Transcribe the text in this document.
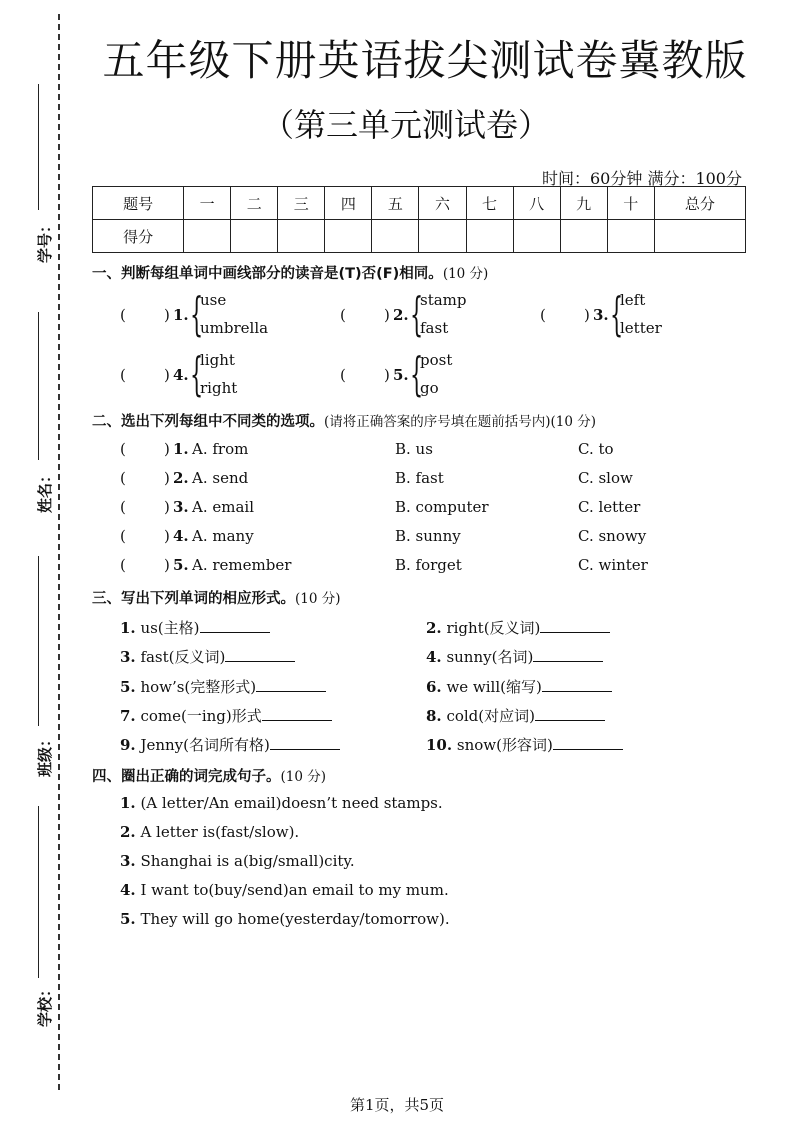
学号：
姓名：
班级：
学校：
五年级下册英语拔尖测试卷冀教版
（第三单元测试卷）
时间：60分钟 满分：100分
题号	一	二	三	四	五	六	七	八	九	十	总分
得分											
一、判断每组单词中画线部分的读音是(T)否(F)相同。(10 分)
(	) 1. {
use
umbrella
(	) 2. {
stamp
fast
(	) 3. {
left
letter
(	) 4. {
light
right
(	) 5. {
post
go
二、选出下列每组中不同类的选项。(请将正确答案的序号填在题前括号内)(10 分)
(	) 1. A. from	B. us	C. to
(	) 2. A. send	B. fast	C. slow
(	) 3. A. email	B. computer	C. letter
(	) 4. A. many	B. sunny	C. snowy
(	) 5. A. remember	B. forget	C. winter
三、写出下列单词的相应形式。(10 分)
1. us(主格)	2. right(反义词)
3. fast(反义词)	4. sunny(名词)
5. how’s(完整形式)	6. we will(缩写)
7. come(一ing)形式	8. cold(对应词)
9. Jenny(名词所有格)	10. snow(形容词)
四、圈出正确的词完成句子。(10 分)
1. (A letter/An email)doesn’t need stamps.
2. A letter is(fast/slow).
3. Shanghai is a(big/small)city.
4. I want to(buy/send)an email to my mum.
5. They will go home(yesterday/tomorrow).
第1页，共5页
